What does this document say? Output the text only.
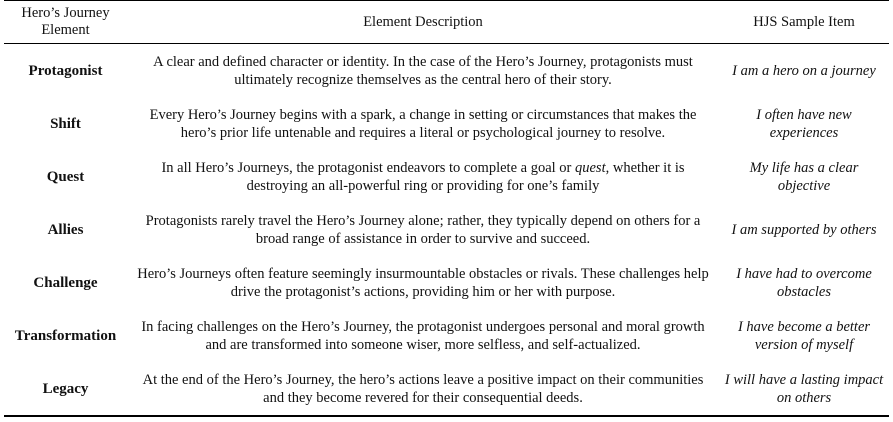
Hero’s Journey Element	Element Description	HJS Sample Item
Protagonist	A clear and defined character or identity. In the case of the Hero’s Journey, protagonists must ultimately recognize themselves as the central hero of their story.	I am a hero on a journey
Shift	Every Hero’s Journey begins with a spark, a change in setting or circumstances that makes the hero’s prior life untenable and requires a literal or psychological journey to resolve.	I often have new experiences
Quest	In all Hero’s Journeys, the protagonist endeavors to complete a goal or quest, whether it is destroying an all-powerful ring or providing for one’s family	My life has a clear objective
Allies	Protagonists rarely travel the Hero’s Journey alone; rather, they typically depend on others for a broad range of assistance in order to survive and succeed.	I am supported by others
Challenge	Hero’s Journeys often feature seemingly insurmountable obstacles or rivals. These challenges help drive the protagonist’s actions, providing him or her with purpose.	I have had to overcome obstacles
Transformation	In facing challenges on the Hero’s Journey, the protagonist undergoes personal and moral growth and are transformed into someone wiser, more selfless, and self-actualized.	I have become a better version of myself
Legacy	At the end of the Hero’s Journey, the hero’s actions leave a positive impact on their communities and they become revered for their consequential deeds.	I will have a lasting impact on others
